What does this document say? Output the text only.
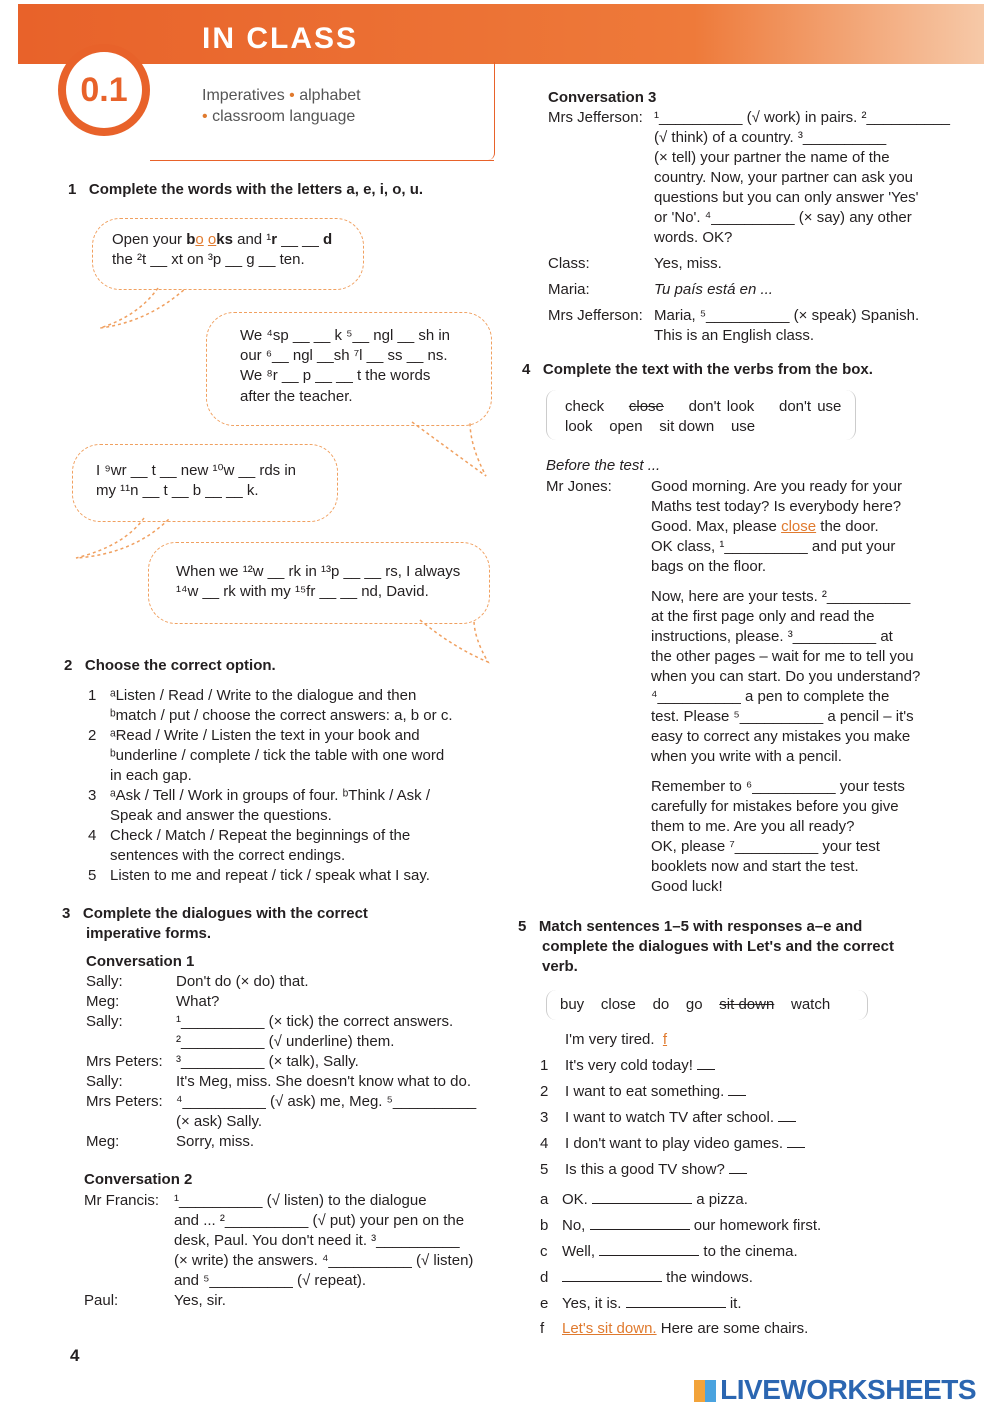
IN CLASS
0.1	Imperatives • alphabet
• classroom language
1 Complete the words with the letters a, e, i, o, u.
Open your bo oks and ¹r __ __ d
the ²t __ xt on ³p __ g __ ten.
We ⁴sp __ __ k ⁵__ ngl __ sh in
our ⁶__ ngl __sh ⁷l __ ss __ ns.
We ⁸r __ p __ __ t the words
after the teacher.
I ⁹wr __ t __ new ¹⁰w __ rds in
my ¹¹n __ t __ b __ __ k.
When we ¹²w __ rk in ¹³p __ __ rs, I always
¹⁴w __ rk with my ¹⁵fr __ __ nd, David.
2 Choose the correct option.
1 ᵃListen / Read / Write to the dialogue and then
ᵇmatch / put / choose the correct answers: a, b or c.
2 ᵃRead / Write / Listen the text in your book and
ᵇunderline / complete / tick the table with one word
in each gap.
3 ᵃAsk / Tell / Work in groups of four. ᵇThink / Ask /
Speak and answer the questions.
4 Check / Match / Repeat the beginnings of the
sentences with the correct endings.
5 Listen to me and repeat / tick / speak what I say.
3 Complete the dialogues with the correct
imperative forms.
Conversation 1
Sally:	Don't do (× do) that.
Meg:	What?
Sally:	¹__________ (× tick) the correct answers.
²__________ (√ underline) them.
Mrs Peters: ³__________ (× talk), Sally.
Sally:	It's Meg, miss. She doesn't know what to do.
Mrs Peters: ⁴__________ (√ ask) me, Meg. ⁵__________
(× ask) Sally.
Meg:	Sorry, miss.
Conversation 2
Mr Francis: ¹__________ (√ listen) to the dialogue
and ... ²__________ (√ put) your pen on the
desk, Paul. You don't need it. ³__________
(× write) the answers. ⁴__________ (√ listen)
and ⁵__________ (√ repeat).
Paul:	Yes, sir.
Conversation 3
Mrs Jefferson: ¹__________ (√ work) in pairs. ²__________
(√ think) of a country. ³__________
(× tell) your partner the name of the
country. Now, your partner can ask you
questions but you can only answer 'Yes'
or 'No'. ⁴__________ (× say) any other
words. OK?
Class:	Yes, miss.
Maria:	Tu país está en ...
Mrs Jefferson: Maria, ⁵__________ (× speak) Spanish.
This is an English class.
4 Complete the text with the verbs from the box.
check close don't look don't use
look open sit down use
Before the test ...
Mr Jones:	Good morning. Are you ready for your
Maths test today? Is everybody here?
Good. Max, please close the door.
OK class, ¹__________ and put your
bags on the floor.
Now, here are your tests. ²__________
at the first page only and read the
instructions, please. ³__________ at
the other pages – wait for me to tell you
when you can start. Do you understand?
⁴__________ a pen to complete the
test. Please ⁵__________ a pencil – it's
easy to correct any mistakes you make
when you write with a pencil.
Remember to ⁶__________ your tests
carefully for mistakes before you give
them to me. Are you all ready?
OK, please ⁷__________ your test
booklets now and start the test.
Good luck!
5 Match sentences 1–5 with responses a–e and
complete the dialogues with Let's and the correct
verb.
buy close do go sit down watch
I'm very tired. f
1 It's very cold today!
2 I want to eat something.
3 I want to watch TV after school.
4 I don't want to play video games.
5 Is this a good TV show?
a OK.	a pizza.
b No,	our homework first.
c Well,	to the cinema.
d	the windows.
e Yes, it is.	it.
f Let's sit down. Here are some chairs.
4
LIVEWORKSHEETS
